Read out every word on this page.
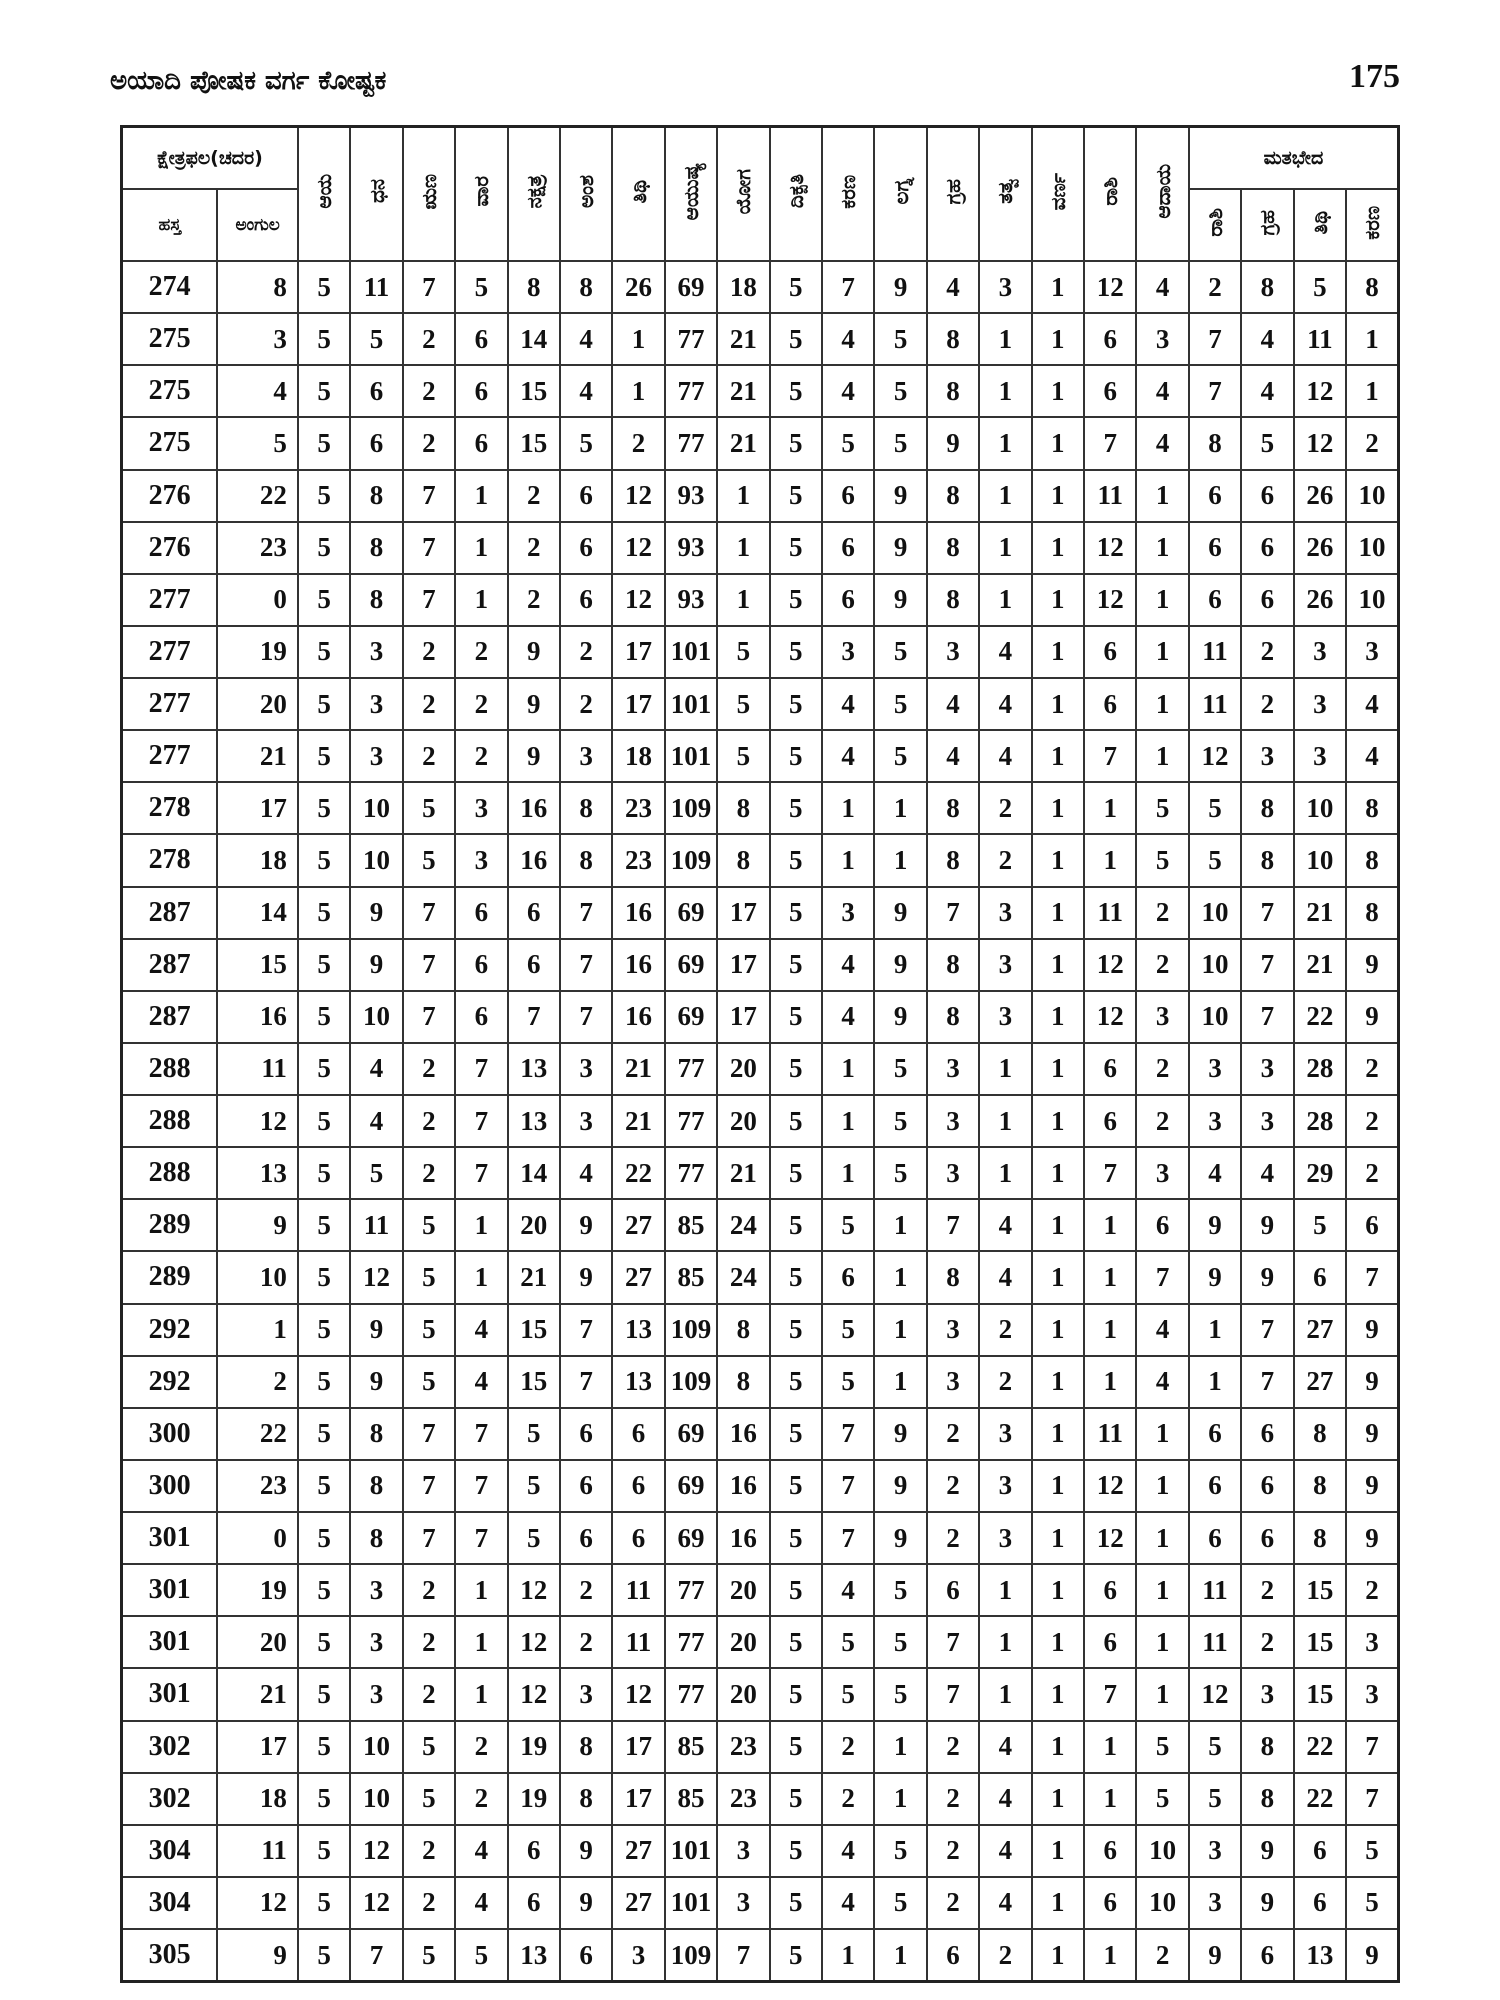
ಅಯಾದಿ ಪೋಷಕ ವರ್ಗ ಕೋಷ್ಟಕ	175
ಕ್ಷೇತ್ರಫಲ(ಚದರ)		ಆಯ	ಧನ	ಋಣ	ವಾರ	ನಕ್ಷತ್ರ	ಅಂಶ	ತಿಥಿ	ಆಯುಷ್ಯ	ಯೋಗ	ದಿಕ್ಪತಿ	ಕರಣ	ಲಗ್ನ	ಗ್ರಹ	ತತ್ವ	ವರ್ಣ	ರಾಶಿ	ಆದಾಯ	ಮತಭೇದ			
ಹಸ್ತ	ಅಂಗುಲ																		ರಾಶಿ	ಗ್ರಹ	ತಿಥಿ	ಕರಣ
274	8	5	11	7	5	8	8	26	69	18	5	7	9	4	3	1	12	4	2	8	5	8
275	3	5	5	2	6	14	4	1	77	21	5	4	5	8	1	1	6	3	7	4	11	1
275	4	5	6	2	6	15	4	1	77	21	5	4	5	8	1	1	6	4	7	4	12	1
275	5	5	6	2	6	15	5	2	77	21	5	5	5	9	1	1	7	4	8	5	12	2
276	22	5	8	7	1	2	6	12	93	1	5	6	9	8	1	1	11	1	6	6	26	10
276	23	5	8	7	1	2	6	12	93	1	5	6	9	8	1	1	12	1	6	6	26	10
277	0	5	8	7	1	2	6	12	93	1	5	6	9	8	1	1	12	1	6	6	26	10
277	19	5	3	2	2	9	2	17	101	5	5	3	5	3	4	1	6	1	11	2	3	3
277	20	5	3	2	2	9	2	17	101	5	5	4	5	4	4	1	6	1	11	2	3	4
277	21	5	3	2	2	9	3	18	101	5	5	4	5	4	4	1	7	1	12	3	3	4
278	17	5	10	5	3	16	8	23	109	8	5	1	1	8	2	1	1	5	5	8	10	8
278	18	5	10	5	3	16	8	23	109	8	5	1	1	8	2	1	1	5	5	8	10	8
287	14	5	9	7	6	6	7	16	69	17	5	3	9	7	3	1	11	2	10	7	21	8
287	15	5	9	7	6	6	7	16	69	17	5	4	9	8	3	1	12	2	10	7	21	9
287	16	5	10	7	6	7	7	16	69	17	5	4	9	8	3	1	12	3	10	7	22	9
288	11	5	4	2	7	13	3	21	77	20	5	1	5	3	1	1	6	2	3	3	28	2
288	12	5	4	2	7	13	3	21	77	20	5	1	5	3	1	1	6	2	3	3	28	2
288	13	5	5	2	7	14	4	22	77	21	5	1	5	3	1	1	7	3	4	4	29	2
289	9	5	11	5	1	20	9	27	85	24	5	5	1	7	4	1	1	6	9	9	5	6
289	10	5	12	5	1	21	9	27	85	24	5	6	1	8	4	1	1	7	9	9	6	7
292	1	5	9	5	4	15	7	13	109	8	5	5	1	3	2	1	1	4	1	7	27	9
292	2	5	9	5	4	15	7	13	109	8	5	5	1	3	2	1	1	4	1	7	27	9
300	22	5	8	7	7	5	6	6	69	16	5	7	9	2	3	1	11	1	6	6	8	9
300	23	5	8	7	7	5	6	6	69	16	5	7	9	2	3	1	12	1	6	6	8	9
301	0	5	8	7	7	5	6	6	69	16	5	7	9	2	3	1	12	1	6	6	8	9
301	19	5	3	2	1	12	2	11	77	20	5	4	5	6	1	1	6	1	11	2	15	2
301	20	5	3	2	1	12	2	11	77	20	5	5	5	7	1	1	6	1	11	2	15	3
301	21	5	3	2	1	12	3	12	77	20	5	5	5	7	1	1	7	1	12	3	15	3
302	17	5	10	5	2	19	8	17	85	23	5	2	1	2	4	1	1	5	5	8	22	7
302	18	5	10	5	2	19	8	17	85	23	5	2	1	2	4	1	1	5	5	8	22	7
304	11	5	12	2	4	6	9	27	101	3	5	4	5	2	4	1	6	10	3	9	6	5
304	12	5	12	2	4	6	9	27	101	3	5	4	5	2	4	1	6	10	3	9	6	5
305	9	5	7	5	5	13	6	3	109	7	5	1	1	6	2	1	1	2	9	6	13	9
